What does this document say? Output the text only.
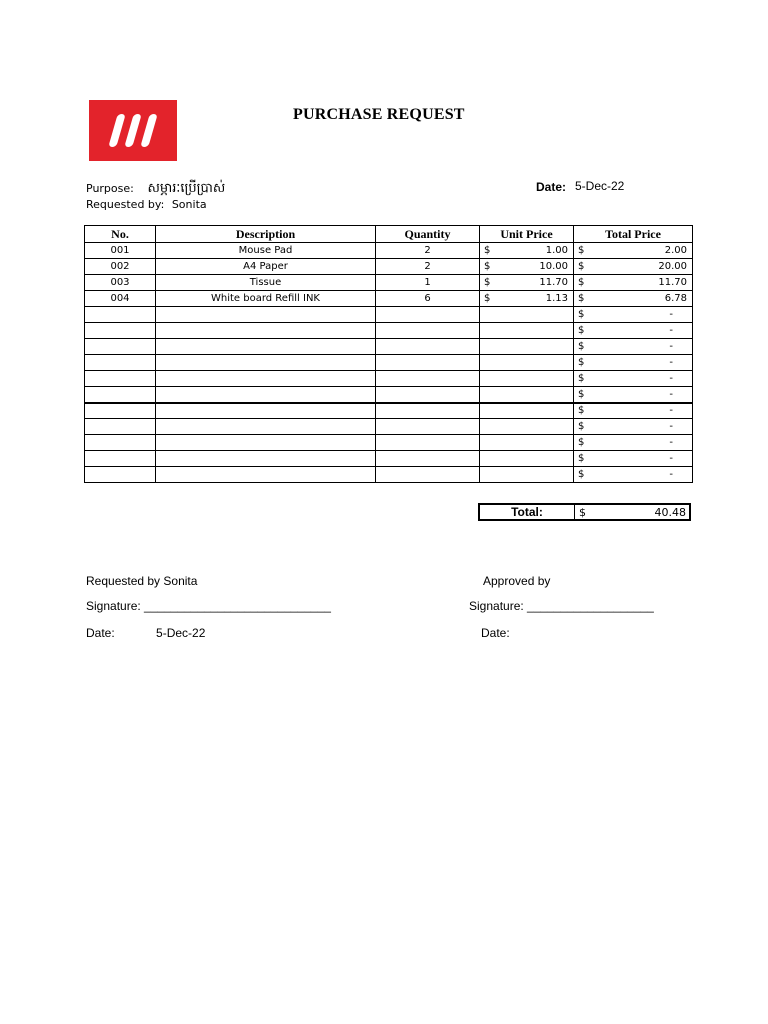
PURCHASE REQUEST
Purpose: សម្ភារៈប្រើប្រាស់
Requested by: Sonita
Date: 5-Dec-22
No.	Description	Quantity	Unit Price	Total Price
001	Mouse Pad	2	$ 1.00	$ 2.00

002	A4 Paper	2	$ 10.00	$ 20.00

003	Tissue	1	$ 11.70	$ 11.70

004	White board Refill INK	6	$ 1.13	$ 6.78

				$ -

				$ -

				$ -

				$ -

				$ -

				$ -

				$ -

				$ -

				$ -

				$ -

				$ -
Total:	$	40.48
Requested by Sonita
Signature: ____________________________
Date:	5-Dec-22
Approved by
Signature: ___________________
Date:
